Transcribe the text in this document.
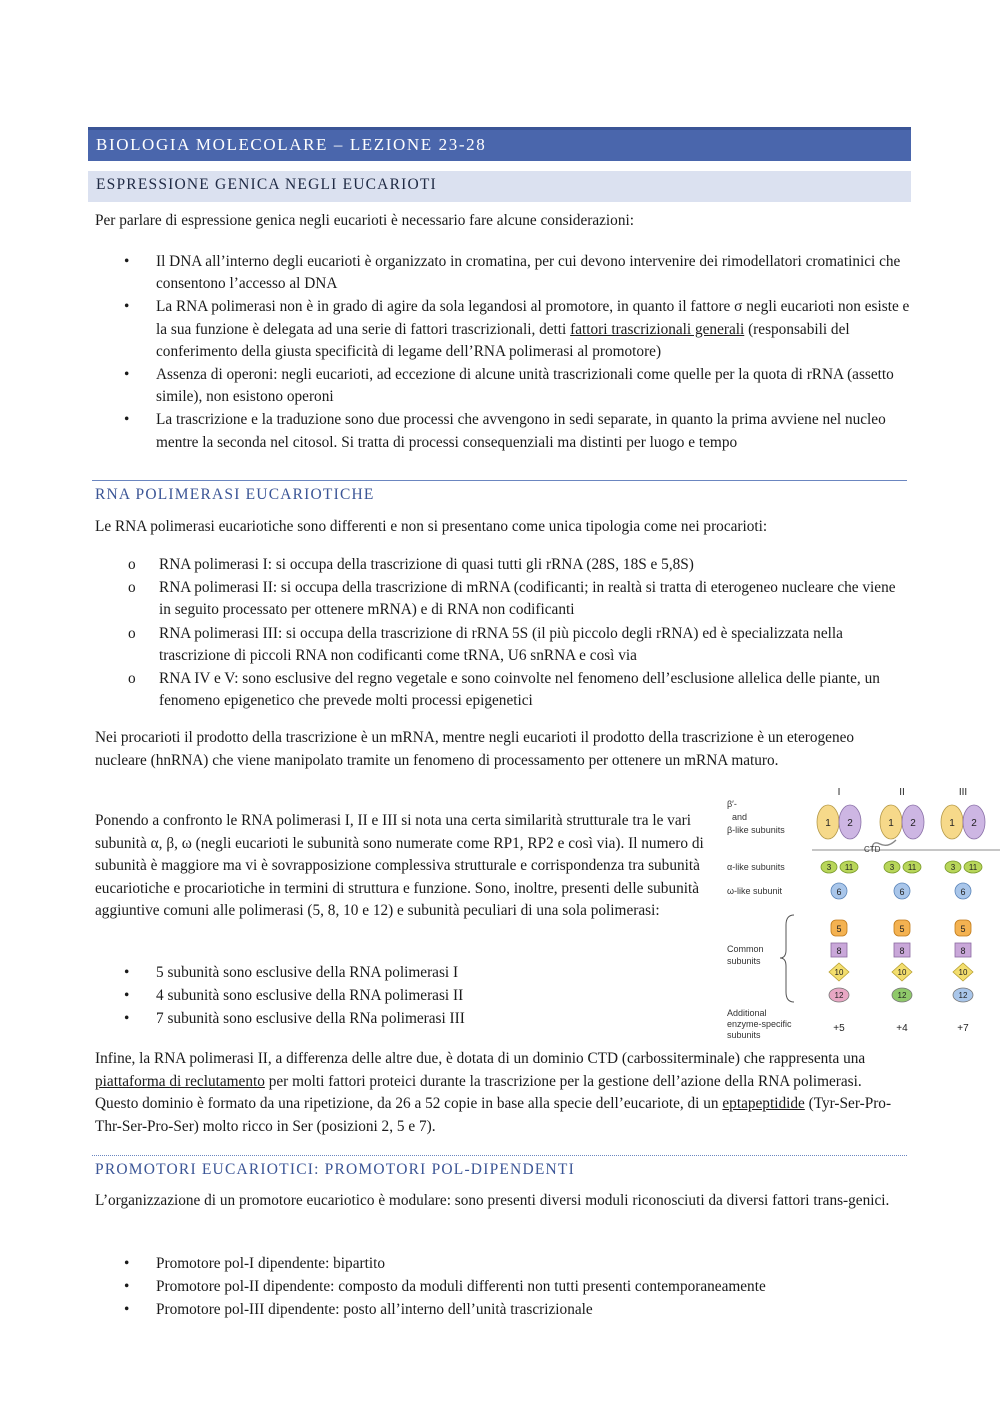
BIOLOGIA MOLECOLARE – LEZIONE 23-28
ESPRESSIONE GENICA NEGLI EUCARIOTI

Per parlare di espressione genica negli eucarioti è necessario fare alcune considerazioni:

• Il DNA all’interno degli eucarioti è organizzato in cromatina, per cui devono intervenire dei rimodellatori cromatinici che consentono l’accesso al DNA
• La RNA polimerasi non è in grado di agire da sola legandosi al promotore, in quanto il fattore σ negli eucarioti non esiste e la sua funzione è delegata ad una serie di fattori trascrizionali, detti fattori trascrizionali generali (responsabili del conferimento della giusta specificità di legame dell’RNA polimerasi al promotore)
• Assenza di operoni: negli eucarioti, ad eccezione di alcune unità trascrizionali come quelle per la quota di rRNA (assetto simile), non esistono operoni
• La trascrizione e la traduzione sono due processi che avvengono in sedi separate, in quanto la prima avviene nel nucleo mentre la seconda nel citosol. Si tratta di processi consequenziali ma distinti per luogo e tempo
RNA POLIMERASI EUCARIOTICHE

Le RNA polimerasi eucariotiche sono differenti e non si presentano come unica tipologia come nei procarioti:

o RNA polimerasi I: si occupa della trascrizione di quasi tutti gli rRNA (28S, 18S e 5,8S)
o RNA polimerasi II: si occupa della trascrizione di mRNA (codificanti; in realtà si tratta di eterogeneo nucleare che viene in seguito processato per ottenere mRNA) e di RNA non codificanti
o RNA polimerasi III: si occupa della trascrizione di rRNA 5S (il più piccolo degli rRNA) ed è specializzata nella trascrizione di piccoli RNA non codificanti come tRNA, U6 snRNA e così via
o RNA IV e V: sono esclusive del regno vegetale e sono coinvolte nel fenomeno dell’esclusione allelica delle piante, un fenomeno epigenetico che prevede molti processi epigenetici

Nei procarioti il prodotto della trascrizione è un mRNA, mentre negli eucarioti il prodotto della trascrizione è un eterogeneo nucleare (hnRNA) che viene manipolato tramite un fenomeno di processamento per ottenere un mRNA maturo.

Ponendo a confronto le RNA polimerasi I, II e III si nota una certa similarità strutturale tra le vari subunità α, β, ω (negli eucarioti le subunità sono numerate come RP1, RP2 e così via). Il numero di subunità è maggiore ma vi è sovrapposizione complessiva strutturale e corrispondenza tra subunità eucariotiche e procariotiche in termini di struttura e funzione. Sono, inoltre, presenti delle subunità aggiuntive comuni alle polimerasi (5, 8, 10 e 12) e subunità peculiari di una sola polimerasi:

• 5 subunità sono esclusive della RNA polimerasi I
• 4 subunità sono esclusive della RNA polimerasi II
• 7 subunità sono esclusive della RNa polimerasi III

Infine, la RNA polimerasi II, a differenza delle altre due, è dotata di un dominio CTD (carbossiterminale) che rappresenta una piattaforma di reclutamento per molti fattori proteici durante la trascrizione per la gestione dell’azione della RNA polimerasi. Questo dominio è formato da una ripetizione, da 26 a 52 copie in base alla specie dell’eucariote, di un eptapeptidide (Tyr-Ser-Pro-Thr-Ser-Pro-Ser) molto ricco in Ser (posizioni 2, 5 e 7).

I	II	III
β′-
and
β-like subunits
α-like subunits
ω-like subunit
Common
subunits
Additional
enzyme-specific
subunits
CTD
1 2
3 11
6
5
8
10
12
+5
1 2
3 11
6
5
8
10
12
+4
1 2
3 11
6
5
8
10
12
+7
PROMOTORI EUCARIOTICI: PROMOTORI POL-DIPENDENTI

L’organizzazione di un promotore eucariotico è modulare: sono presenti diversi moduli riconosciuti da diversi fattori trans-genici.

• Promotore pol-I dipendente: bipartito
• Promotore pol-II dipendente: composto da moduli differenti non tutti presenti contemporaneamente
• Promotore pol-III dipendente: posto all’interno dell’unità trascrizionale
